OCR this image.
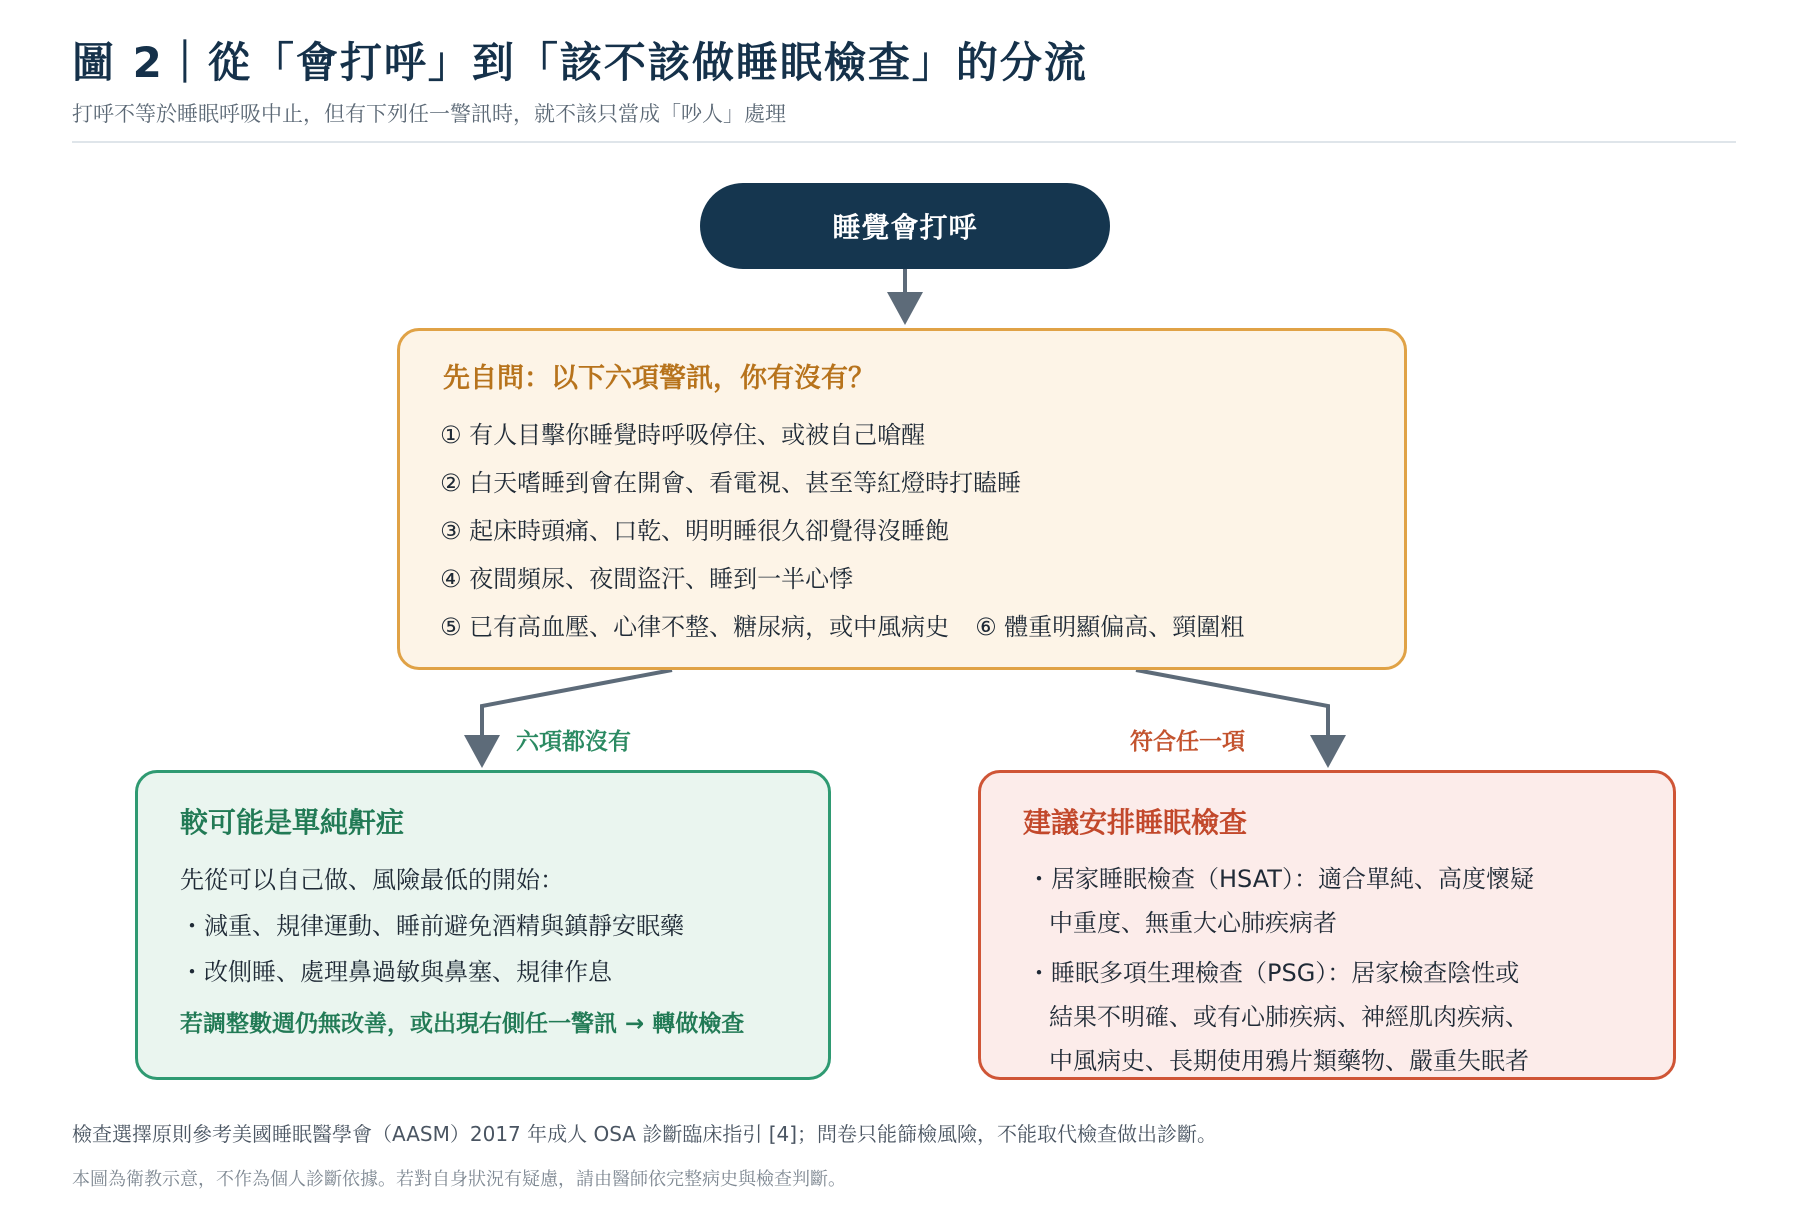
圖 2｜從「會打呼」到「該不該做睡眠檢查」的分流
打呼不等於睡眠呼吸中止，但有下列任一警訊時，就不該只當成「吵人」處理
睡覺會打呼
先自問：以下六項警訊，你有沒有？
① 有人目擊你睡覺時呼吸停住、或被自己嗆醒
② 白天嗜睡到會在開會、看電視、甚至等紅燈時打瞌睡
③ 起床時頭痛、口乾、明明睡很久卻覺得沒睡飽
④ 夜間頻尿、夜間盜汗、睡到一半心悸
⑤ 已有高血壓、心律不整、糖尿病，或中風病史 ⑥ 體重明顯偏高、頸圍粗
六項都沒有	符合任一項
較可能是單純鼾症
先從可以自己做、風險最低的開始：
・減重、規律運動、睡前避免酒精與鎮靜安眠藥
・改側睡、處理鼻過敏與鼻塞、規律作息
若調整數週仍無改善，或出現右側任一警訊 → 轉做檢查
建議安排睡眠檢查
・居家睡眠檢查（HSAT）：適合單純、高度懷疑
中重度、無重大心肺疾病者
・睡眠多項生理檢查（PSG）：居家檢查陰性或
結果不明確、或有心肺疾病、神經肌肉疾病、
中風病史、長期使用鴉片類藥物、嚴重失眠者
檢查選擇原則參考美國睡眠醫學會（AASM）2017 年成人 OSA 診斷臨床指引 [4]；問卷只能篩檢風險，不能取代檢查做出診斷。
本圖為衛教示意，不作為個人診斷依據。若對自身狀況有疑慮，請由醫師依完整病史與檢查判斷。
